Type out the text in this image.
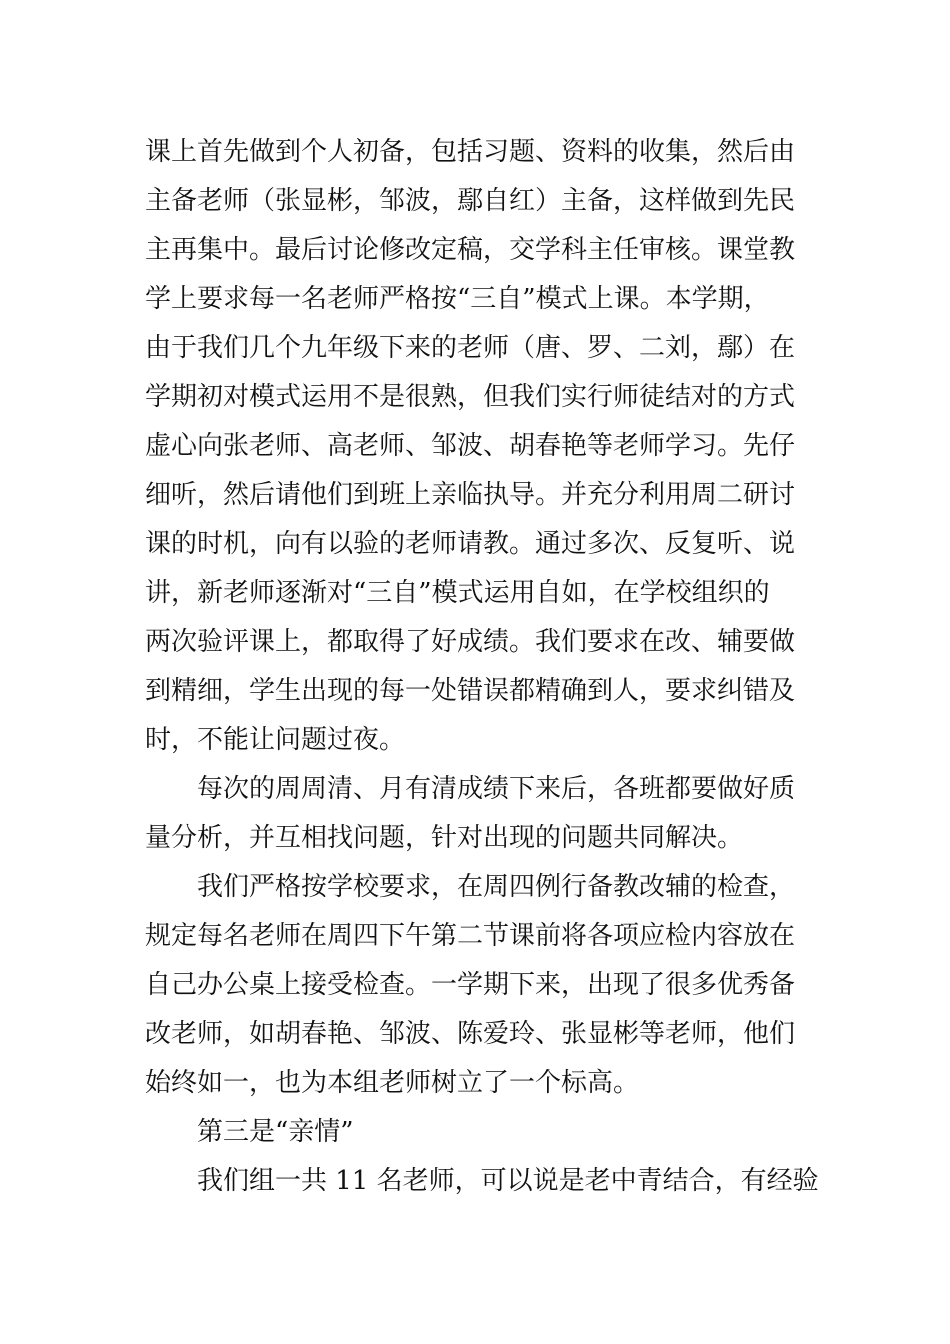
课上首先做到个人初备，包括习题、资料的收集，然后由
主备老师（张显彬，邹波，鄢自红）主备，这样做到先民
主再集中。最后讨论修改定稿，交学科主任审核。课堂教
学上要求每一名老师严格按“三自”模式上课。本学期，
由于我们几个九年级下来的老师（唐、罗、二刘，鄢）在
学期初对模式运用不是很熟，但我们实行师徒结对的方式
虚心向张老师、高老师、邹波、胡春艳等老师学习。先仔
细听，然后请他们到班上亲临执导。并充分利用周二研讨
课的时机，向有以验的老师请教。通过多次、反复听、说
讲，新老师逐渐对“三自”模式运用自如，在学校组织的
两次验评课上，都取得了好成绩。我们要求在改、辅要做
到精细，学生出现的每一处错误都精确到人，要求纠错及
时，不能让问题过夜。
每次的周周清、月有清成绩下来后，各班都要做好质
量分析，并互相找问题，针对出现的问题共同解决。
我们严格按学校要求，在周四例行备教改辅的检查，
规定每名老师在周四下午第二节课前将各项应检内容放在
自己办公桌上接受检查。一学期下来，出现了很多优秀备
改老师，如胡春艳、邹波、陈爱玲、张显彬等老师，他们
始终如一，也为本组老师树立了一个标高。
第三是“亲情”
我们组一共 11 名老师，可以说是老中青结合，有经验
